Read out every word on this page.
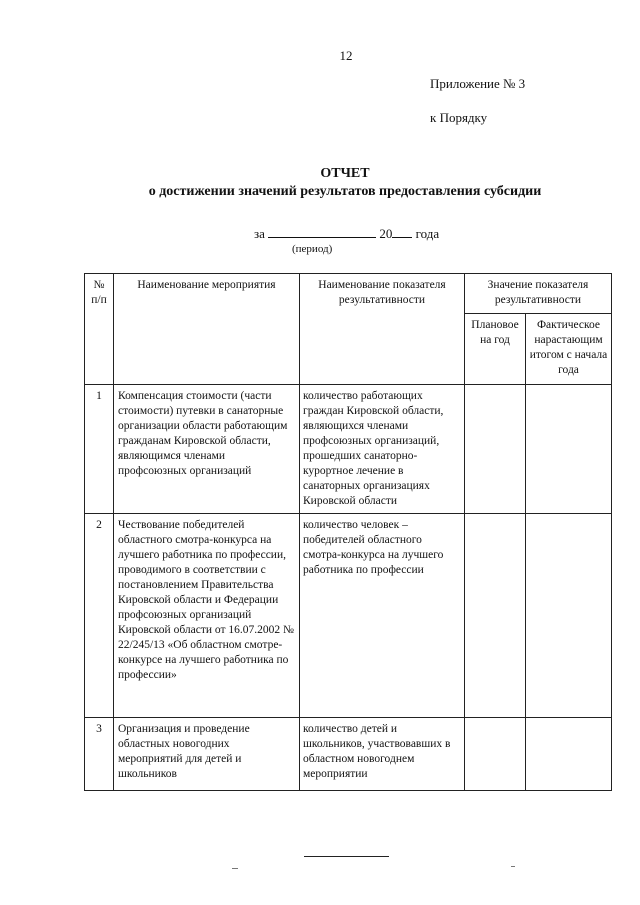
12
Приложение № 3
к Порядку
ОТЧЕТ
о достижении значений результатов предоставления субсидии
за	20 года
(период)
№ п/п	Наименование мероприятия	Наименование показателя результативности	Значение показателя результативности	
			Плановое на год	Фактическое нарастающим итогом с начала года
1	Компенсация стоимости (части стоимости) путевки в санаторные организации области работающим гражданам Кировской области, являющимся членами профсоюзных организаций	количество работающих граждан Кировской области, являющихся членами профсоюзных организаций, прошедших санаторно-курортное лечение в санаторных организациях Кировской области		
2	Чествование победителей областного смотра-конкурса на лучшего работника по профессии, проводимого в соответствии с постановлением Правительства Кировской области и Федерации профсоюзных организаций Кировской области от 16.07.2002 № 22/245/13 «Об областном смотре-конкурсе на лучшего работника по профессии»	количество человек – победителей областного смотра-конкурса на лучшего работника по профессии		
3	Организация и проведение областных новогодних мероприятий для детей и школьников	количество детей и школьников, участвовавших в областном новогоднем мероприятии		
